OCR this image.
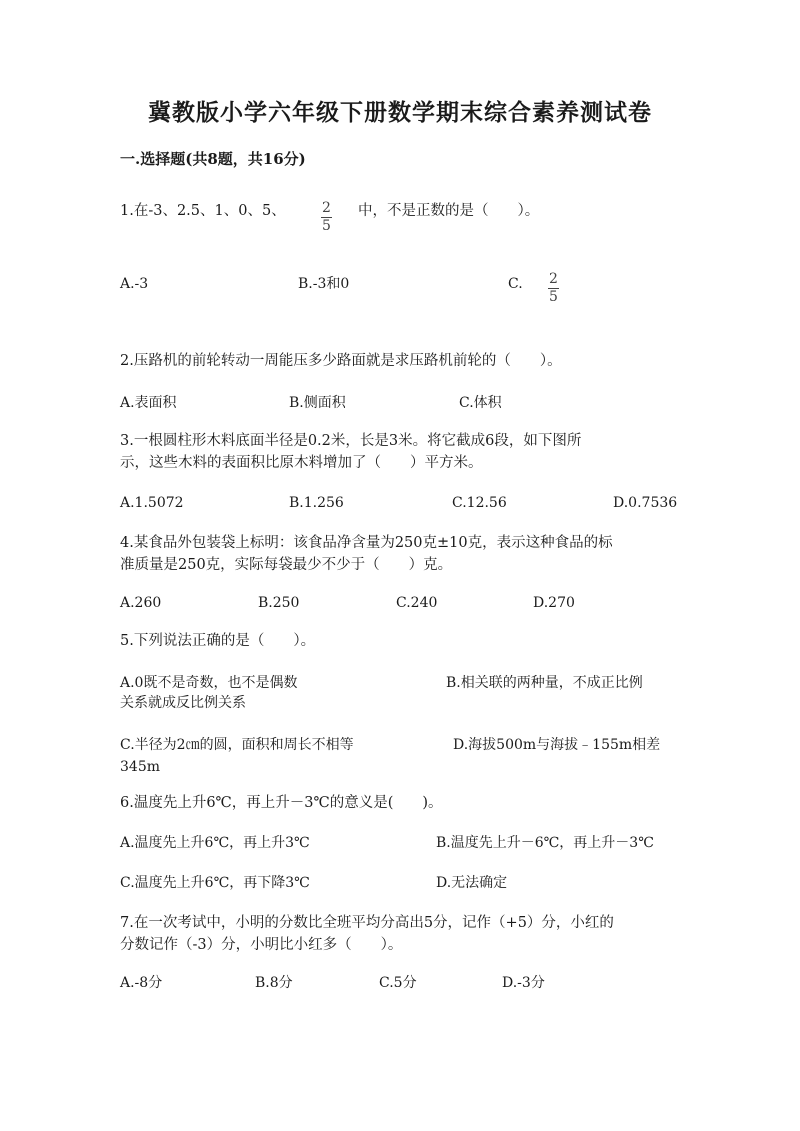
冀教版小学六年级下册数学期末综合素养测试卷
一.选择题(共8题，共16分)
1.在-3、2.5、1、0、5、	$\frac{2}{5}$ 中，不是正数的是（　　）。
A.-3	B.-3和0	C. $\frac{2}{5}$
2.压路机的前轮转动一周能压多少路面就是求压路机前轮的（　　）。
A.表面积	B.侧面积	C.体积
3.一根圆柱形木料底面半径是0.2米，长是3米。将它截成6段，如下图所
示，这些木料的表面积比原木料增加了（　　）平方米。
A.1.5072	B.1.256	C.12.56	D.0.7536
4.某食品外包装袋上标明：该食品净含量为250克±10克，表示这种食品的标
准质量是250克，实际每袋最少不少于（　　）克。
A.260	B.250	C.240	D.270
5.下列说法正确的是（　　）。
A.0既不是奇数，也不是偶数	B.相关联的两种量，不成正比例
关系就成反比例关系
C.半径为2㎝的圆，面积和周长不相等	D.海拔500m与海拔﹣155m相差
345m
6.温度先上升6℃，再上升－3℃的意义是(　　)。
A.温度先上升6℃，再上升3℃	B.温度先上升－6℃，再上升－3℃
C.温度先上升6℃，再下降3℃	D.无法确定
7.在一次考试中，小明的分数比全班平均分高出5分，记作（+5）分，小红的
分数记作（-3）分，小明比小红多（　　）。
A.-8分	B.8分	C.5分	D.-3分
